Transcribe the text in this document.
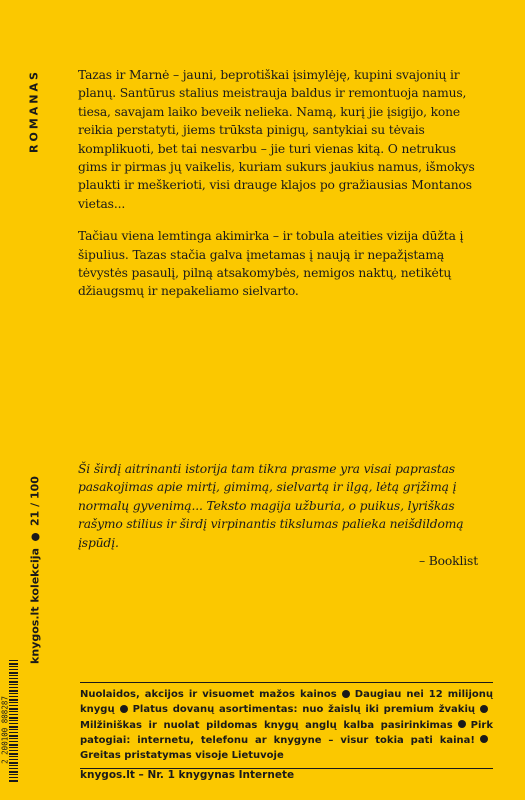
ROMANAS	Tazas ir Marnė – jauni, beprotiškai įsimylėję, kupini svajonių ir planų. Santūrus stalius meistrauja baldus ir remontuoja namus, tiesa, savajam laiko beveik nelieka. Namą, kurį jie įsigijo, kone reikia perstatyti, jiems trūksta pinigų, santykiai su tėvais komplikuoti, bet tai nesvarbu – jie turi vienas kitą. O netrukus gims ir pirmas jų vaikelis, kuriam sukurs jaukius namus, išmokys plaukti ir meškerioti, visi drauge klajos po gražiausias Montanos vietas...

Tačiau viena lemtinga akimirka – ir tobula ateities vizija dūžta į šipulius. Tazas stačia galva įmetamas į naują ir nepažįstamą tėvystės pasaulį, pilną atsakomybės, nemigos naktų, netikėtų džiaugsmų ir nepakeliamo sielvarto.

Ši širdį aitrinanti istorija tam tikra prasme yra visai paprastas pasakojimas apie mirtį, gimimą, sielvartą ir ilgą, lėtą grįžimą į normalų gyvenimą... Teksto magija užburia, o puikus, lyriškas rašymo stilius ir širdį virpinantis tikslumas palieka neišdildomą įspūdį.

– Booklist

knygos.lt kolekcija
21 / 100
2 200100 808287
Nuolaidos, akcijos ir visuomet mažos kainos Daugiau nei 12 milijonų knygų Platus dovanų asortimentas: nuo žaislų iki premium žvakiųMilžiniškas ir nuolat pildomas knygų anglų kalba pasirinkimas Pirk patogiai: internetu, telefonu ar knygyne – visur tokia pati kaina!Greitas pristatymas visoje Lietuvoje
knygos.lt – Nr. 1 knygynas Internete
